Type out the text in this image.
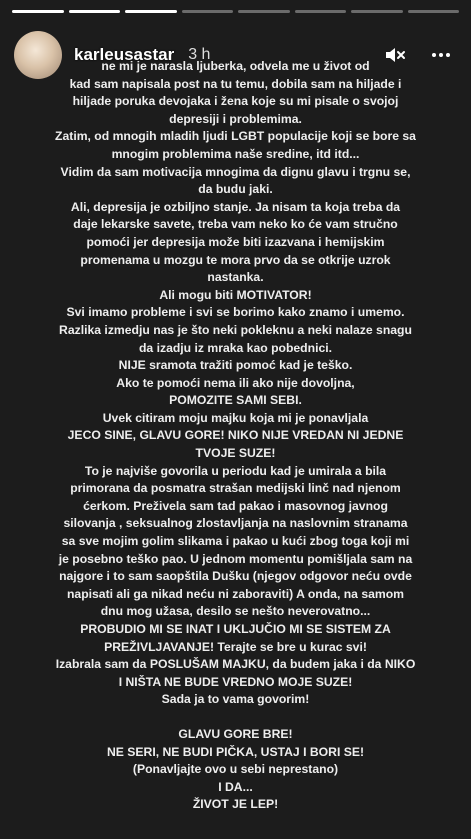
karleusastar 3 h

ne mi je narasla ljuberka, odvela me u život od

kad sam napisala post na tu temu, dobila sam na hiljade i

hiljade poruka devojaka i žena koje su mi pisale o svojoj

depresiji i problemima.

Zatim, od mnogih mladih ljudi LGBT populacije koji se bore sa

mnogim problemima naše sredine, itd itd...

Vidim da sam motivacija mnogima da dignu glavu i trgnu se,

da budu jaki.

Ali, depresija je ozbiljno stanje. Ja nisam ta koja treba da

daje lekarske savete, treba vam neko ko će vam stručno

pomoći jer depresija može biti izazvana i hemijskim

promenama u mozgu te mora prvo da se otkrije uzrok

nastanka.

Ali mogu biti MOTIVATOR!

Svi imamo probleme i svi se borimo kako znamo i umemo.

Razlika izmedju nas je što neki pokleknu a neki nalaze snagu

da izadju iz mraka kao pobednici.

NIJE sramota tražiti pomoć kad je teško.

Ako te pomoći nema ili ako nije dovoljna,

POMOZITE SAMI SEBI.

Uvek citiram moju majku koja mi je ponavljala

JECO SINE, GLAVU GORE! NIKO NIJE VREDAN NI JEDNE

TVOJE SUZE!

To je najviše govorila u periodu kad je umirala a bila

primorana da posmatra strašan medijski linč nad njenom

ćerkom. Preživela sam tad pakao i masovnog javnog

silovanja , seksualnog zlostavljanja na naslovnim stranama

sa sve mojim golim slikama i pakao u kući zbog toga koji mi

je posebno teško pao. U jednom momentu pomišljala sam na

najgore i to sam saopštila Dušku (njegov odgovor neću ovde

napisati ali ga nikad neću ni zaboraviti) A onda, na samom

dnu mog užasa, desilo se nešto neverovatno...

PROBUDIO MI SE INAT I UKLJUČIO MI SE SISTEM ZA

PREŽIVLJAVANJE! Terajte se bre u kurac svi!

Izabrala sam da POSLUŠAM MAJKU, da budem jaka i da NIKO

I NIŠTA NE BUDE VREDNO MOJE SUZE!

Sada ja to vama govorim!

GLAVU GORE BRE!

NE SERI, NE BUDI PIČKA, USTAJ I BORI SE!

(Ponavljajte ovo u sebi neprestano)

I DA...

ŽIVOT JE LEP!
